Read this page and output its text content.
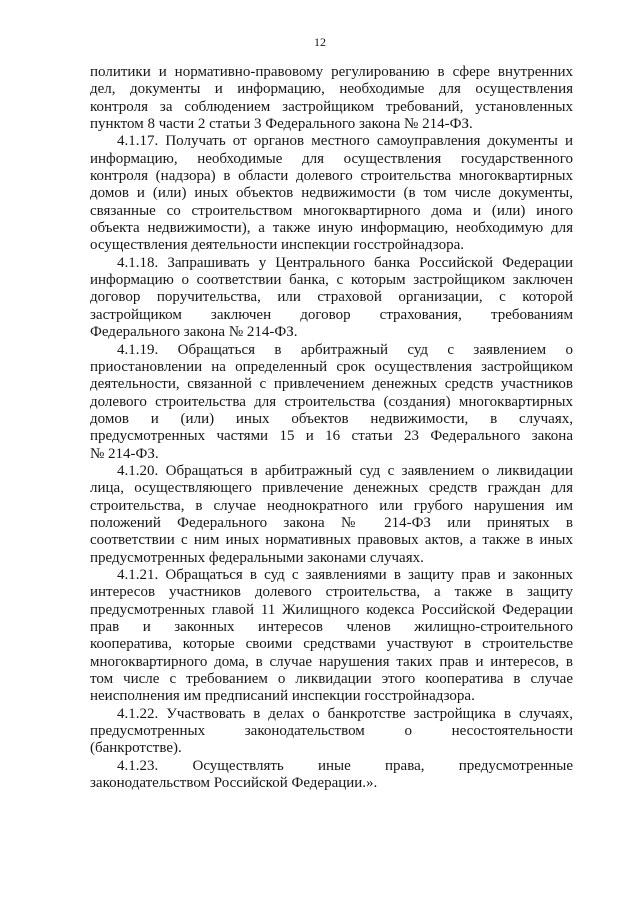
12
политики и нормативно-правовому регулированию в сфере внутренних
дел, документы и информацию, необходимые для осуществления
контроля за соблюдением застройщиком требований, установленных
пунктом 8 части 2 статьи 3 Федерального закона № 214-ФЗ.
4.1.17. Получать от органов местного самоуправления документы и
информацию, необходимые для осуществления государственного
контроля (надзора) в области долевого строительства многоквартирных
домов и (или) иных объектов недвижимости (в том числе документы,
связанные со строительством многоквартирного дома и (или) иного
объекта недвижимости), а также иную информацию, необходимую для
осуществления деятельности инспекции госстройнадзора.
4.1.18. Запрашивать у Центрального банка Российской Федерации
информацию о соответствии банка, с которым застройщиком заключен
договор поручительства, или страховой организации, с которой
застройщиком заключен договор страхования, требованиям
Федерального закона № 214-ФЗ.
4.1.19. Обращаться в арбитражный суд с заявлением о
приостановлении на определенный срок осуществления застройщиком
деятельности, связанной с привлечением денежных средств участников
долевого строительства для строительства (создания) многоквартирных
домов и (или) иных объектов недвижимости, в случаях,
предусмотренных частями 15 и 16 статьи 23 Федерального закона
№ 214-ФЗ.
4.1.20. Обращаться в арбитражный суд с заявлением о ликвидации
лица, осуществляющего привлечение денежных средств граждан для
строительства, в случае неоднократного или грубого нарушения им
положений Федерального закона № 214-ФЗ или принятых в
соответствии с ним иных нормативных правовых актов, а также в иных
предусмотренных федеральными законами случаях.
4.1.21. Обращаться в суд с заявлениями в защиту прав и законных
интересов участников долевого строительства, а также в защиту
предусмотренных главой 11 Жилищного кодекса Российской Федерации
прав и законных интересов членов жилищно-строительного
кооператива, которые своими средствами участвуют в строительстве
многоквартирного дома, в случае нарушения таких прав и интересов, в
том числе с требованием о ликвидации этого кооператива в случае
неисполнения им предписаний инспекции госстройнадзора.
4.1.22. Участвовать в делах о банкротстве застройщика в случаях,
предусмотренных законодательством о несостоятельности
(банкротстве).
4.1.23. Осуществлять иные права, предусмотренные
законодательством Российской Федерации.».
